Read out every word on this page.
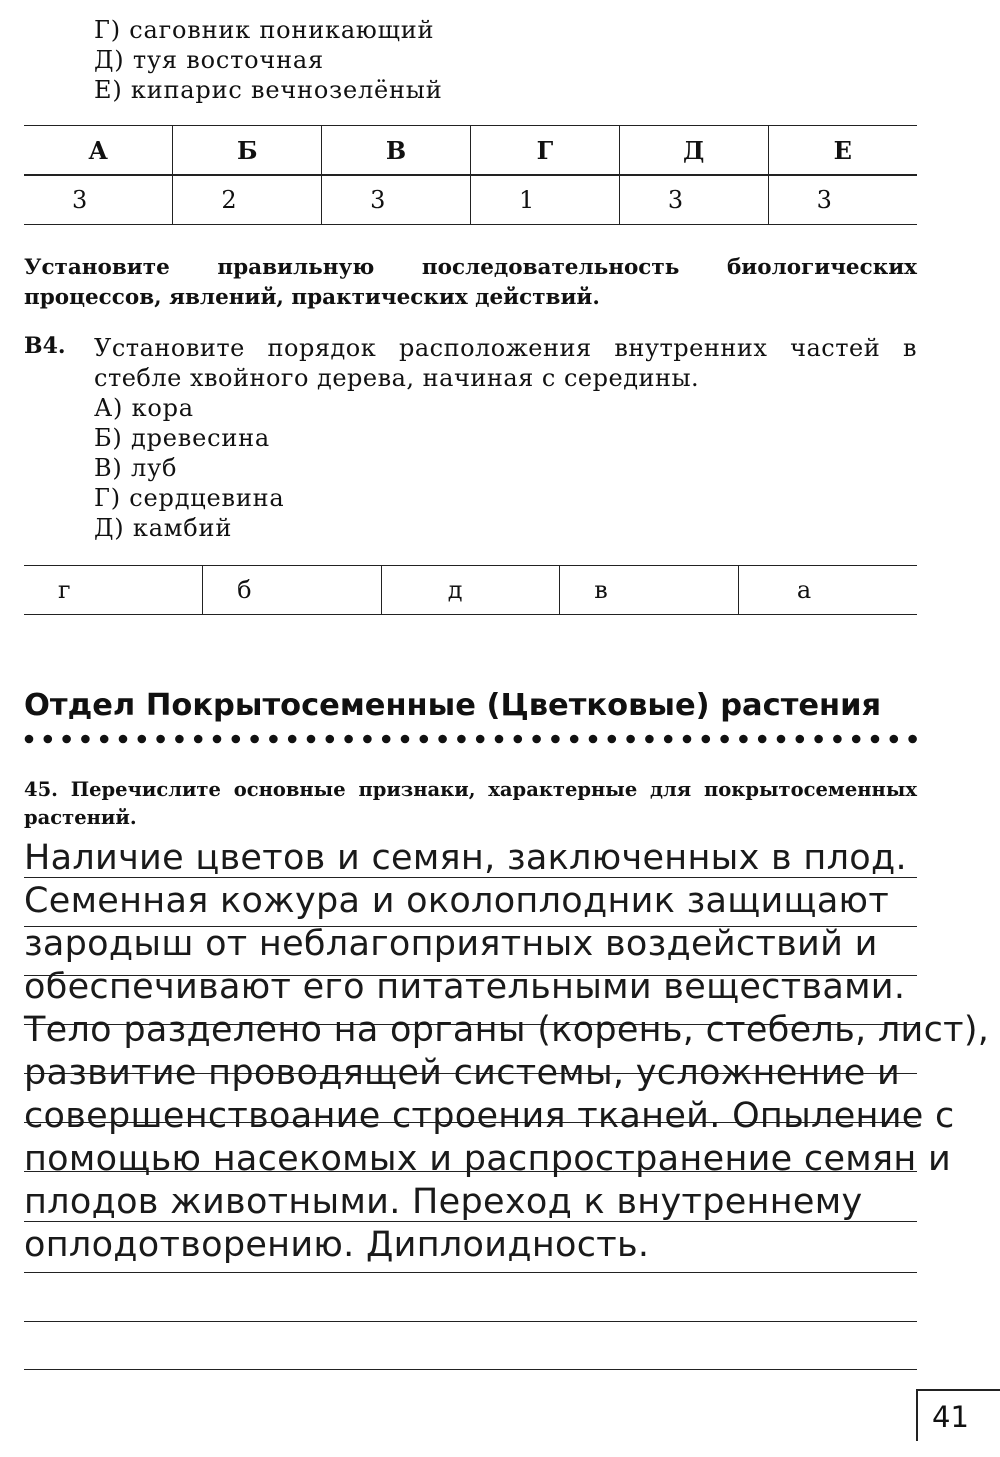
Г) саговник поникающий
Д) туя восточная
Е) кипарис вечнозелёный
А	Б	В	Г	Д	Е
3	2	3	1	3	3
Установите правильную последовательность биологических процессов, явлений, практических действий.
В4. Установите порядок расположения внутренних частей в стебле хвойного дерева, начиная с середины.
А) кора
Б) древесина
В) луб
Г) сердцевина
Д) камбий
г	б	д	в	а
Отдел Покрытосеменные (Цветковые) растения
45. Перечислите основные признаки, характерные для покрытосеменных растений.
Наличие цветов и семян, заключенных в плод.
Семенная кожура и околоплодник защищают
зародыш от неблагоприятных воздействий и
обеспечивают его питательными веществами.
Тело разделено на органы (корень, стебель, лист),
развитие проводящей системы, усложнение и
совершенствоание строения тканей. Опыление с
помощью насекомых и распространение семян и
плодов животными. Переход к внутреннему
оплодотворению. Диплоидность.
41
